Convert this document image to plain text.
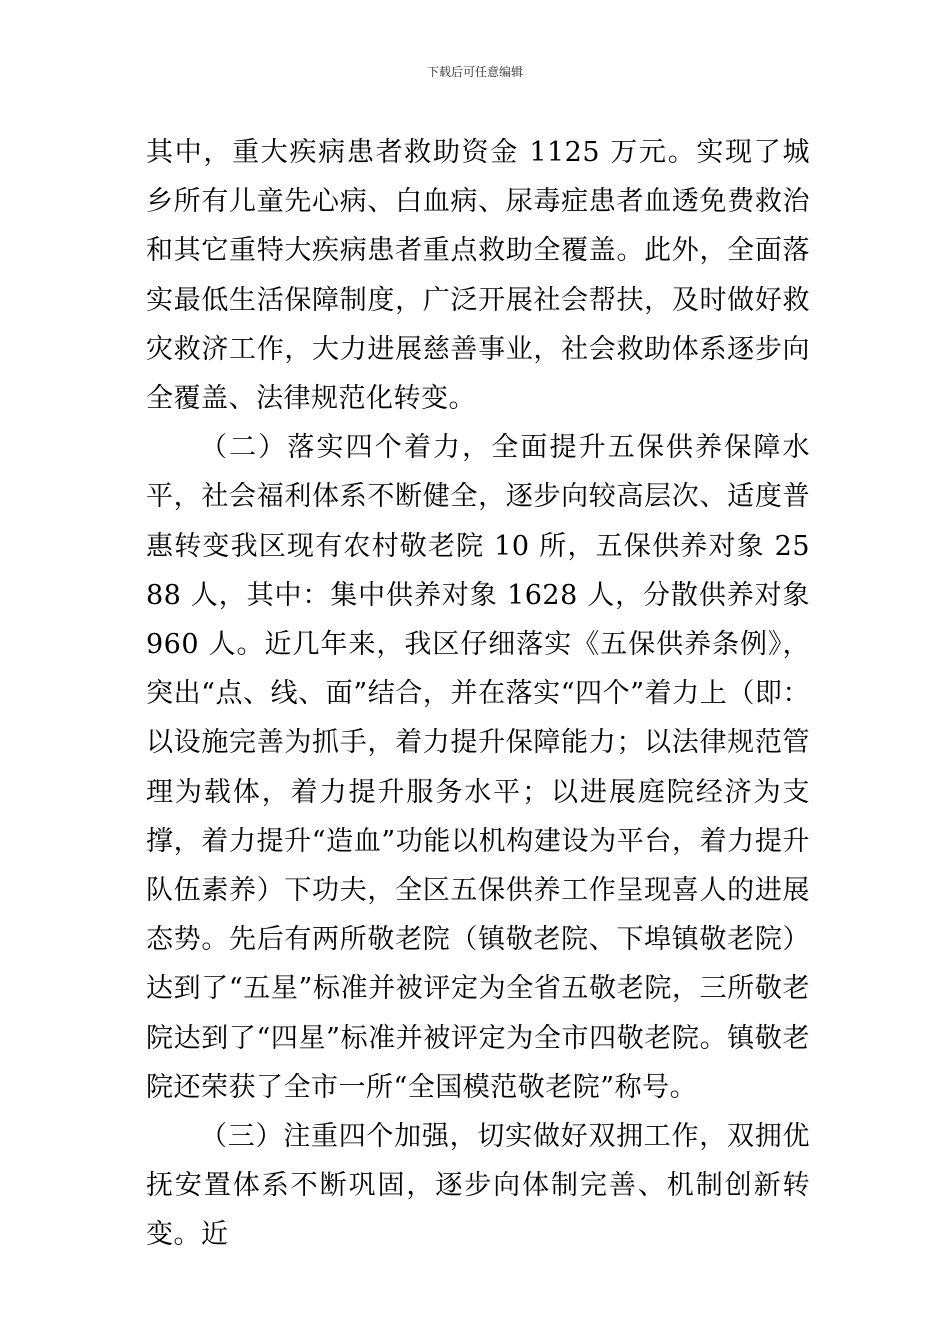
下载后可任意编辑

其中，重大疾病患者救助资金 1125 万元。实现了城乡所有儿童先心病、白血病、尿毒症患者血透免费救治和其它重特大疾病患者重点救助全覆盖。此外，全面落实最低生活保障制度，广泛开展社会帮扶，及时做好救灾救济工作，大力进展慈善事业，社会救助体系逐步向全覆盖、法律规范化转变。

（二）落实四个着力，全面提升五保供养保障水平，社会福利体系不断健全，逐步向较高层次、适度普惠转变我区现有农村敬老院 10 所，五保供养对象 2588 人，其中：集中供养对象 1628 人，分散供养对象 960 人。近几年来，我区仔细落实《五保供养条例》，突出“点、线、面”结合，并在落实“四个”着力上（即：以设施完善为抓手，着力提升保障能力；以法律规范管理为载体，着力提升服务水平；以进展庭院经济为支撑，着力提升“造血”功能以机构建设为平台，着力提升队伍素养）下功夫，全区五保供养工作呈现喜人的进展态势。先后有两所敬老院（镇敬老院、下埠镇敬老院）达到了“五星”标准并被评定为全省五敬老院，三所敬老院达到了“四星”标准并被评定为全市四敬老院。镇敬老院还荣获了全市一所“全国模范敬老院”称号。

（三）注重四个加强，切实做好双拥工作，双拥优抚安置体系不断巩固，逐步向体制完善、机制创新转变。近
